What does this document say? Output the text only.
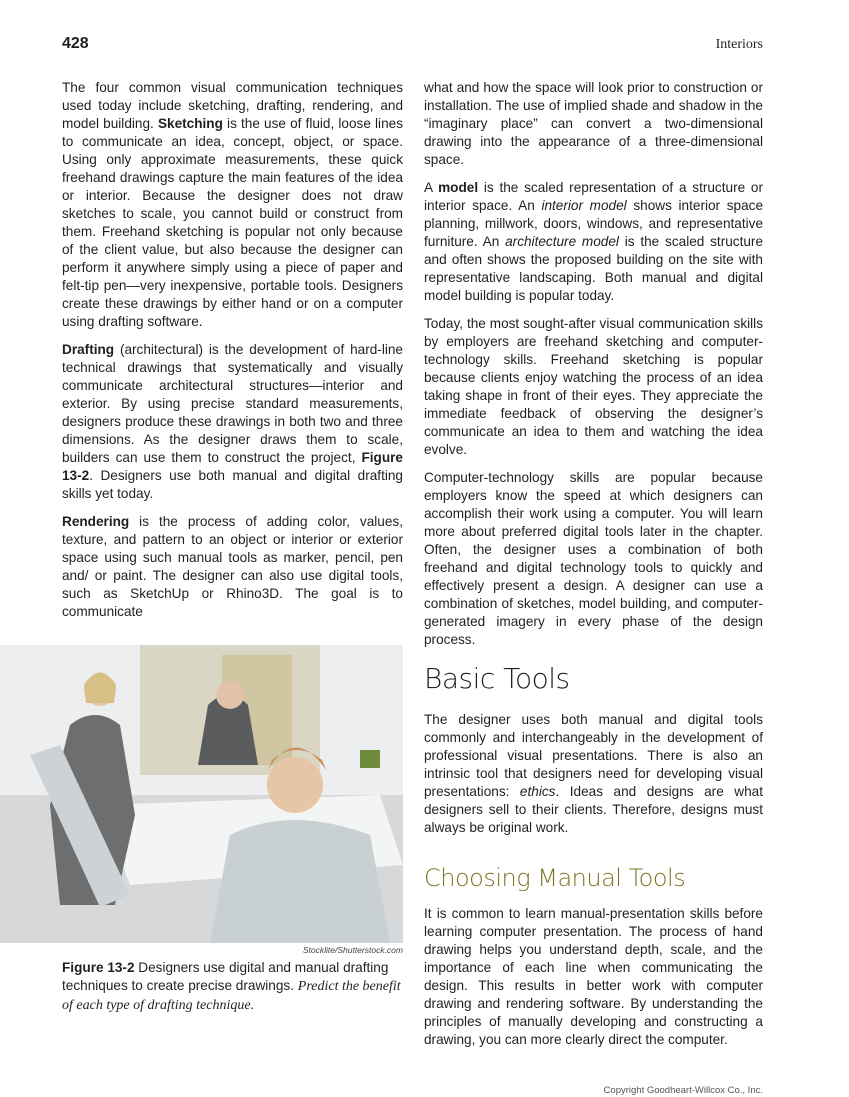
428	Interiors

The four common visual communication techniques used today include sketching, drafting, rendering, and model building. Sketching is the use of fluid, loose lines to communicate an idea, concept, object, or space. Using only approximate measurements, these quick freehand drawings capture the main features of the idea or interior. Because the designer does not draw sketches to scale, you cannot build or construct from them. Freehand sketching is popular not only because of the client value, but also because the designer can perform it anywhere simply using a piece of paper and felt-tip pen—very inexpensive, portable tools. Designers create these drawings by either hand or on a computer using drafting software.

Drafting (architectural) is the development of hard-line technical drawings that systematically and visually communicate architectural structures—interior and exterior. By using precise standard measurements, designers produce these drawings in both two and three dimensions. As the designer draws them to scale, builders can use them to construct the project, Figure 13-2. Designers use both manual and digital drafting skills yet today.

Rendering is the process of adding color, values, texture, and pattern to an object or interior or exterior space using such manual tools as marker, pencil, pen and/ or paint. The designer can also use digital tools, such as SketchUp or Rhino3D. The goal is to communicate

Stocklite/Shutterstock.com
Figure 13-2 Designers use digital and manual drafting techniques to create precise drawings. Predict the benefit of each type of drafting technique.

what and how the space will look prior to construction or installation. The use of implied shade and shadow in the “imaginary place” can convert a two-dimensional drawing into the appearance of a three-dimensional space.

A model is the scaled representation of a structure or interior space. An interior model shows interior space planning, millwork, doors, windows, and representative furniture. An architecture model is the scaled structure and often shows the proposed building on the site with representative landscaping. Both manual and digital model building is popular today.

Today, the most sought-after visual communication skills by employers are freehand sketching and computer-technology skills. Freehand sketching is popular because clients enjoy watching the process of an idea taking shape in front of their eyes. They appreciate the immediate feedback of observing the designer’s communicate an idea to them and watching the idea evolve.

Computer-technology skills are popular because employers know the speed at which designers can accomplish their work using a computer. You will learn more about preferred digital tools later in the chapter. Often, the designer uses a combination of both freehand and digital technology tools to quickly and effectively present a design. A designer can use a combination of sketches, model building, and computer-generated imagery in every phase of the design process.

Basic Tools

The designer uses both manual and digital tools commonly and interchangeably in the development of professional visual presentations. There is also an intrinsic tool that designers need for developing visual presentations: ethics. Ideas and designs are what designers sell to their clients. Therefore, designs must always be original work.

Choosing Manual Tools

It is common to learn manual-presentation skills before learning computer presentation. The process of hand drawing helps you understand depth, scale, and the importance of each line when communicating the design. This results in better work with computer drawing and rendering software. By understanding the principles of manually developing and constructing a drawing, you can more clearly direct the computer.

Copyright Goodheart-Willcox Co., Inc.
